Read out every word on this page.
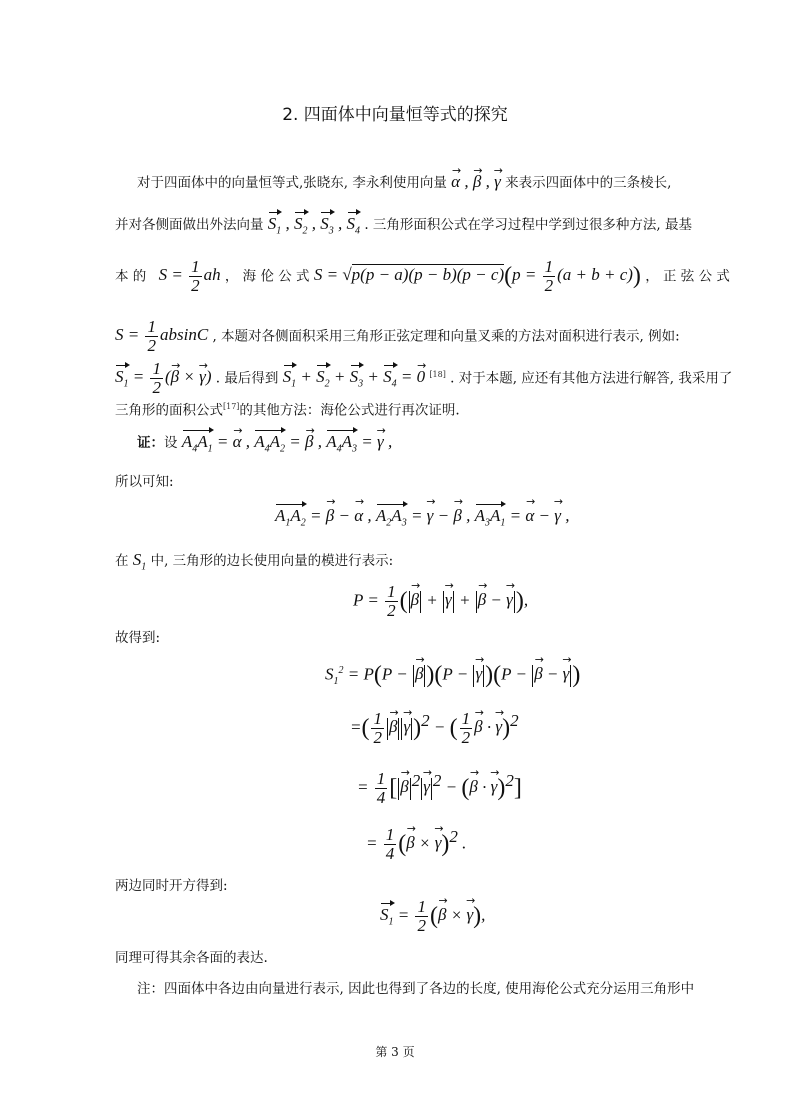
2. 四面体中向量恒等式的探究
对于四面体中的向量恒等式,张晓东, 李永利使用向量 α → , β → , γ → 来表示四面体中的三条棱长,
并对各侧面做出外法向量 $S_1$ , $S_2$ , $S_3$ , $S_4$ . 三角形面积公式在学习过程中学到过很多种方法, 最基
本 的 $S = \frac{1}{2}$ ah ， 海 伦 公 式 $S = √p(p - a)(p - b)(p - c)(p = \frac{1}{2} (a + b + c))$ ， 正 弦 公 式
$S = \frac{1}{2}$ absinC , 本题对各侧面积采用三角形正弦定理和向量叉乘的方法对面积进行表示, 例如:
$S_1 = \frac{1}{2} (\beta$ → × γ →) . 最后得到 $S_1 + S_2 + S_3 + S_4 = 0 \to [18]$ . 对于本题, 应还有其他方法进行解答, 我采用了
三角形的面积公式[17]的其他方法：海伦公式进行再次证明.
证：设 $A_4A_1 = \alpha$ → , $A_4A_2 = \beta$ → , $A_4A_3 = \gamma$ → ,
所以可知:
$A_1A_2 = \beta$ → − α → , $A_2A_3 = \gamma$ → − β → , $A_3A_1 = \alpha$ → − γ → ,
在 $S_1$ 中, 三角形的边长使用向量的模进行表示:
$P = \frac{1}{2}$ ( β → + γ → + β → − γ → ),
故得到:
$S_1^2 = P(P - \beta \to )(P - \gamma \to )(P - \beta$ → − γ → )
=( $\frac{1}{2}$ β → γ → )$^2$ − ( $\frac{1}{2}$ β → · γ →)$^2$
= $\frac{1}{4}$ [ β → $^2$ γ → $^2$ − (β → · γ →)$^2$]
= $\frac{1}{4} (\beta$ → × γ →)$^2$ .
两边同时开方得到:
$S_1 = \frac{1}{2} (\beta$ → × γ →),
同理可得其余各面的表达.
注：四面体中各边由向量进行表示, 因此也得到了各边的长度, 使用海伦公式充分运用三角形中
第 3 页
